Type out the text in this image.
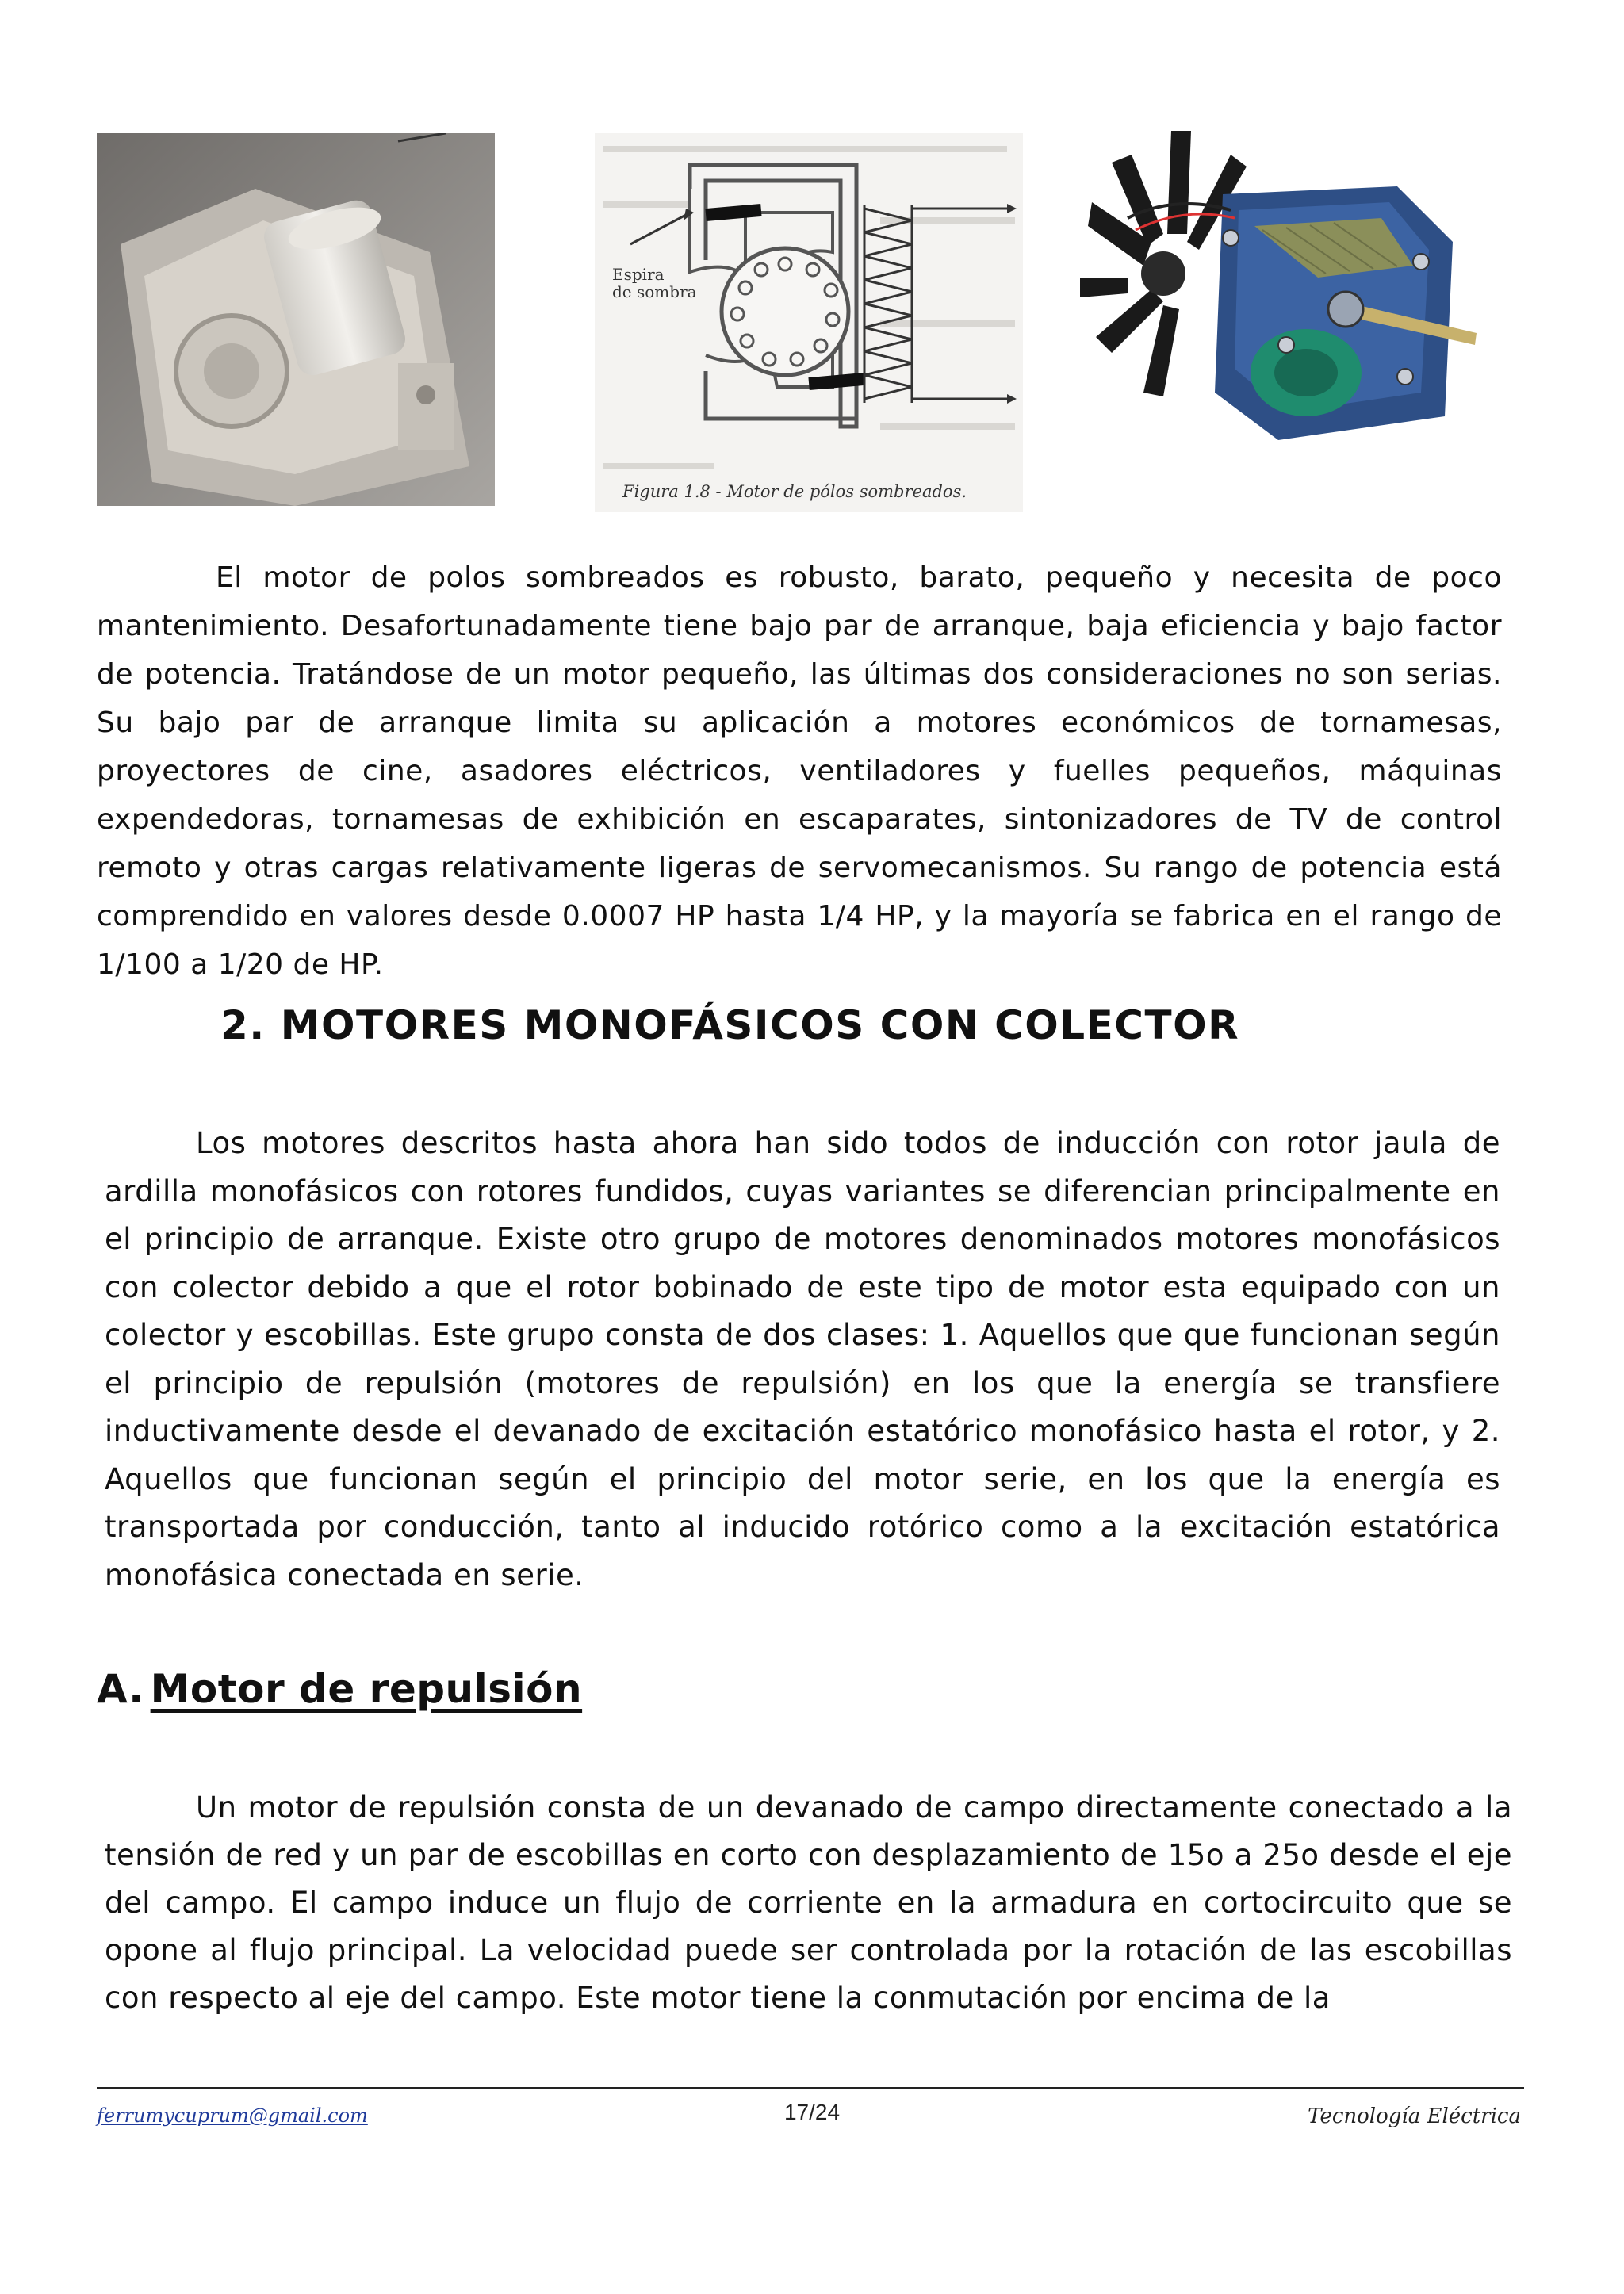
Espira
de sombra
Figura 1.8 - Motor de pólos sombreados.

El motor de polos sombreados es robusto, barato, pequeño y necesita de poco mantenimiento. Desafortunadamente tiene bajo par de arranque, baja eficiencia y bajo factor de potencia. Tratándose de un motor pequeño, las últimas dos consideraciones no son serias. Su bajo par de arranque limita su aplicación a motores económicos de tornamesas, proyectores de cine, asadores eléctricos, ventiladores y fuelles pequeños, máquinas expendedoras, tornamesas de exhibición en escaparates, sintonizadores de TV de control remoto y otras cargas relativamente ligeras de servomecanismos. Su rango de potencia está comprendido en valores desde 0.0007 HP hasta 1/4 HP, y la mayoría se fabrica en el rango de 1/100 a 1/20 de HP.

2. MOTORES MONOFÁSICOS CON COLECTOR

Los motores descritos hasta ahora han sido todos de inducción con rotor jaula de ardilla monofásicos con rotores fundidos, cuyas variantes se diferencian principalmente en el principio de arranque. Existe otro grupo de motores denominados motores monofásicos con colector debido a que el rotor bobinado de este tipo de motor esta equipado con un colector y escobillas. Este grupo consta de dos clases: 1. Aquellos que que funcionan según el principio de repulsión (motores de repulsión) en los que la energía se transfiere inductivamente desde el devanado de excitación estatórico monofásico hasta el rotor, y 2. Aquellos que funcionan según el principio del motor serie, en los que la energía es transportada por conducción, tanto al inducido rotórico como a la excitación estatórica monofásica conectada en serie.

A. Motor de repulsión

Un motor de repulsión consta de un devanado de campo directamente conectado a la tensión de red y un par de escobillas en corto con desplazamiento de 15o a 25o desde el eje del campo. El campo induce un flujo de corriente en la armadura en cortocircuito que se opone al flujo principal. La velocidad puede ser controlada por la rotación de las escobillas con respecto al eje del campo. Este motor tiene la conmutación por encima de la

ferrumycuprum@gmail.com	17/24	Tecnología Eléctrica
